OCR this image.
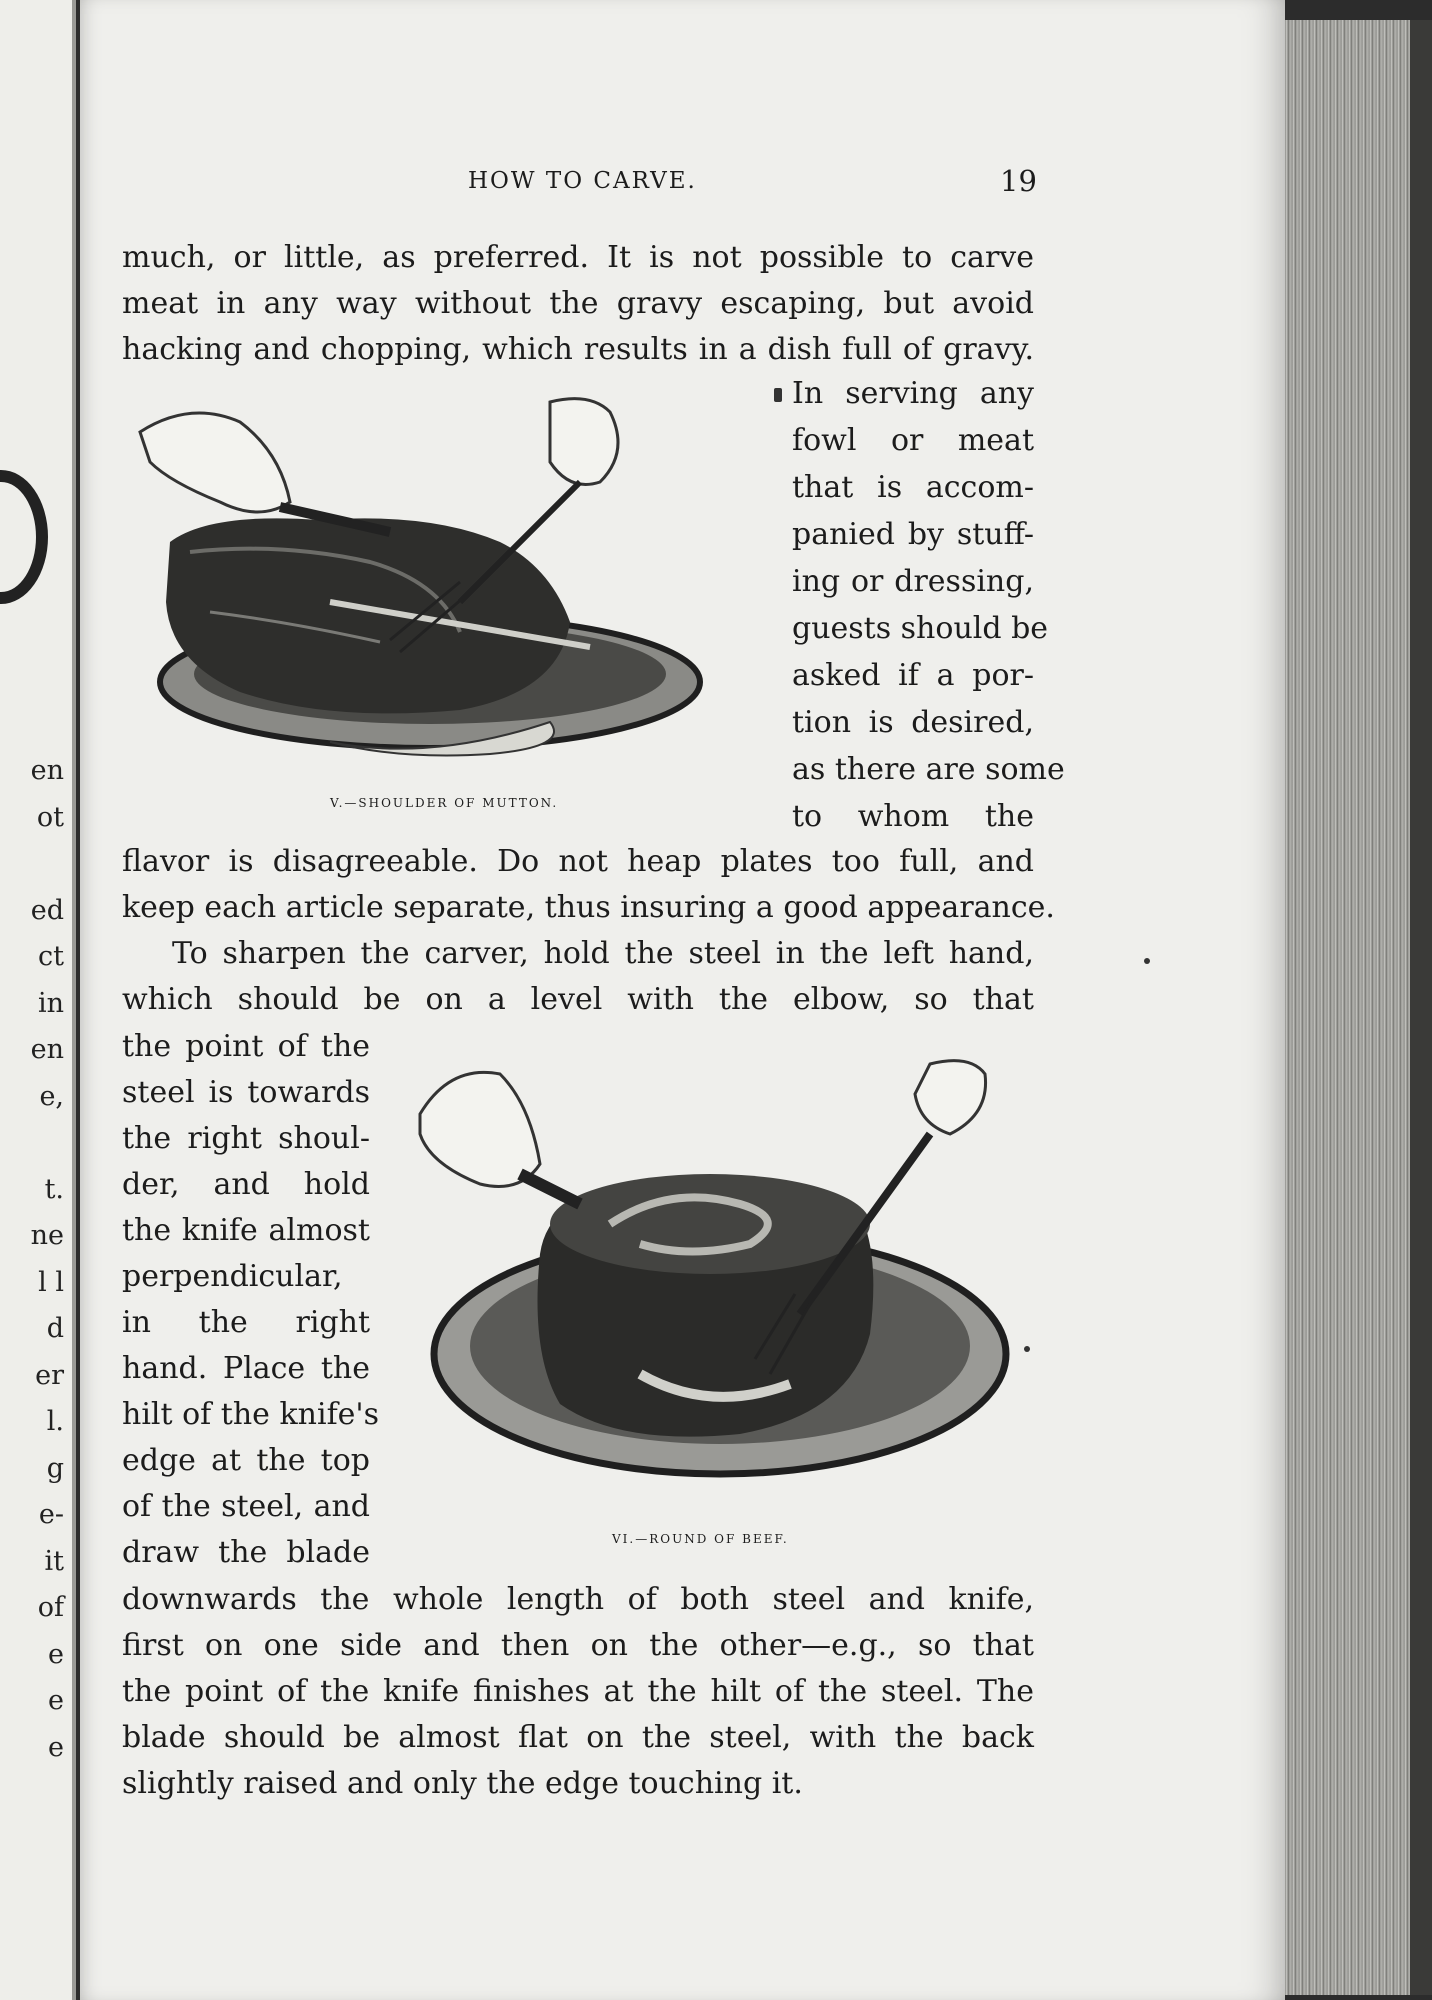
en
ot

ed
ct
in
en
e,

t.
ne
l l
d
er
l.
g
e-
it
of
e
e
e
HOW TO CARVE.	19
much, or little, as preferred. It is not possible to carve
meat in any way without the gravy escaping, but avoid
hacking and chopping, which results in a dish full of gravy.
In serving any
fowl or meat
that is accom-
panied by stuff-
ing or dressing,
guests should be
asked if a por-
tion is desired,
as there are some
to whom the
V.—SHOULDER OF MUTTON.
flavor is disagreeable. Do not heap plates too full, and
keep each article separate, thus insuring a good appearance.
To sharpen the carver, hold the steel in the left hand,
which should be on a level with the elbow, so that
the point of the
steel is towards
the right shoul-
der, and hold
the knife almost
perpendicular,
in the right
hand. Place the
hilt of the knife's
edge at the top
of the steel, and
draw the blade	VI.—ROUND OF BEEF.
downwards the whole length of both steel and knife,
first on one side and then on the other—e.g., so that
the point of the knife finishes at the hilt of the steel. The
blade should be almost flat on the steel, with the back
slightly raised and only the edge touching it.
